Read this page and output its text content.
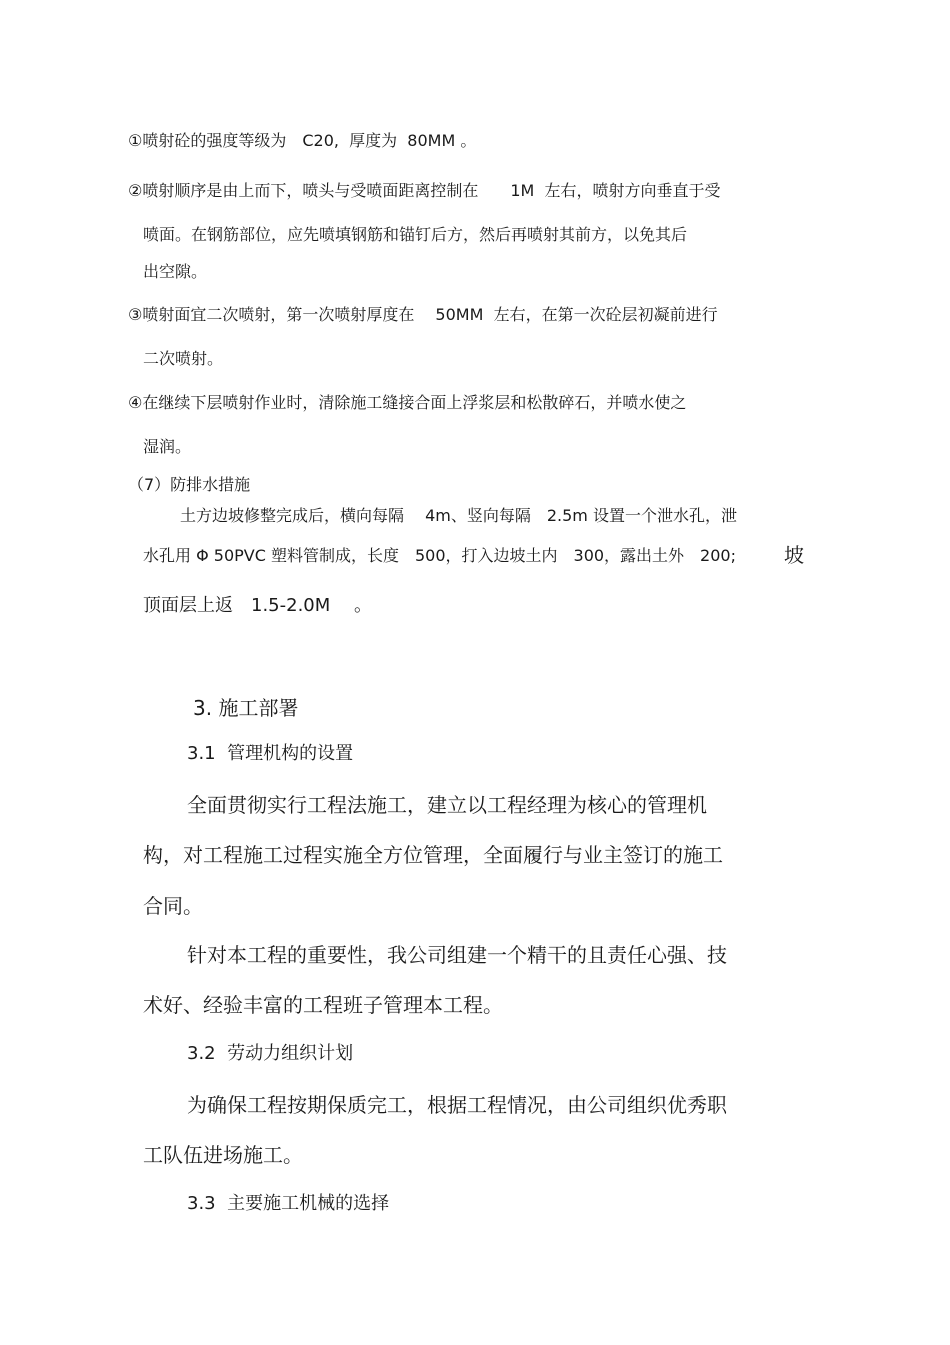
①喷射砼的强度等级为　C20,  厚度为  80MM 。
②喷射顺序是由上而下，喷头与受喷面距离控制在　　1M  左右，喷射方向垂直于受
喷面。在钢筋部位，应先喷填钢筋和锚钉后方，然后再喷射其前方，以免其后
出空隙。
③喷射面宜二次喷射，第一次喷射厚度在　 50MM  左右，在第一次砼层初凝前进行
二次喷射。
④在继续下层喷射作业时，清除施工缝接合面上浮浆层和松散碎石，并喷水使之
湿润。
（7）防排水措施
土方边坡修整完成后，横向每隔　 4m、竖向每隔　2.5m 设置一个泄水孔，泄
水孔用 Φ 50PVC 塑料管制成，长度　500，打入边坡土内　300，露出土外　200; 坡
顶面层上返　1.5-2.0M　 。
3. 施工部署
3.1  管理机构的设置
全面贯彻实行工程法施工，建立以工程经理为核心的管理机
构，对工程施工过程实施全方位管理，全面履行与业主签订的施工
合同。
针对本工程的重要性，我公司组建一个精干的且责任心强、技
术好、经验丰富的工程班子管理本工程。
3.2  劳动力组织计划
为确保工程按期保质完工，根据工程情况，由公司组织优秀职
工队伍进场施工。
3.3  主要施工机械的选择
